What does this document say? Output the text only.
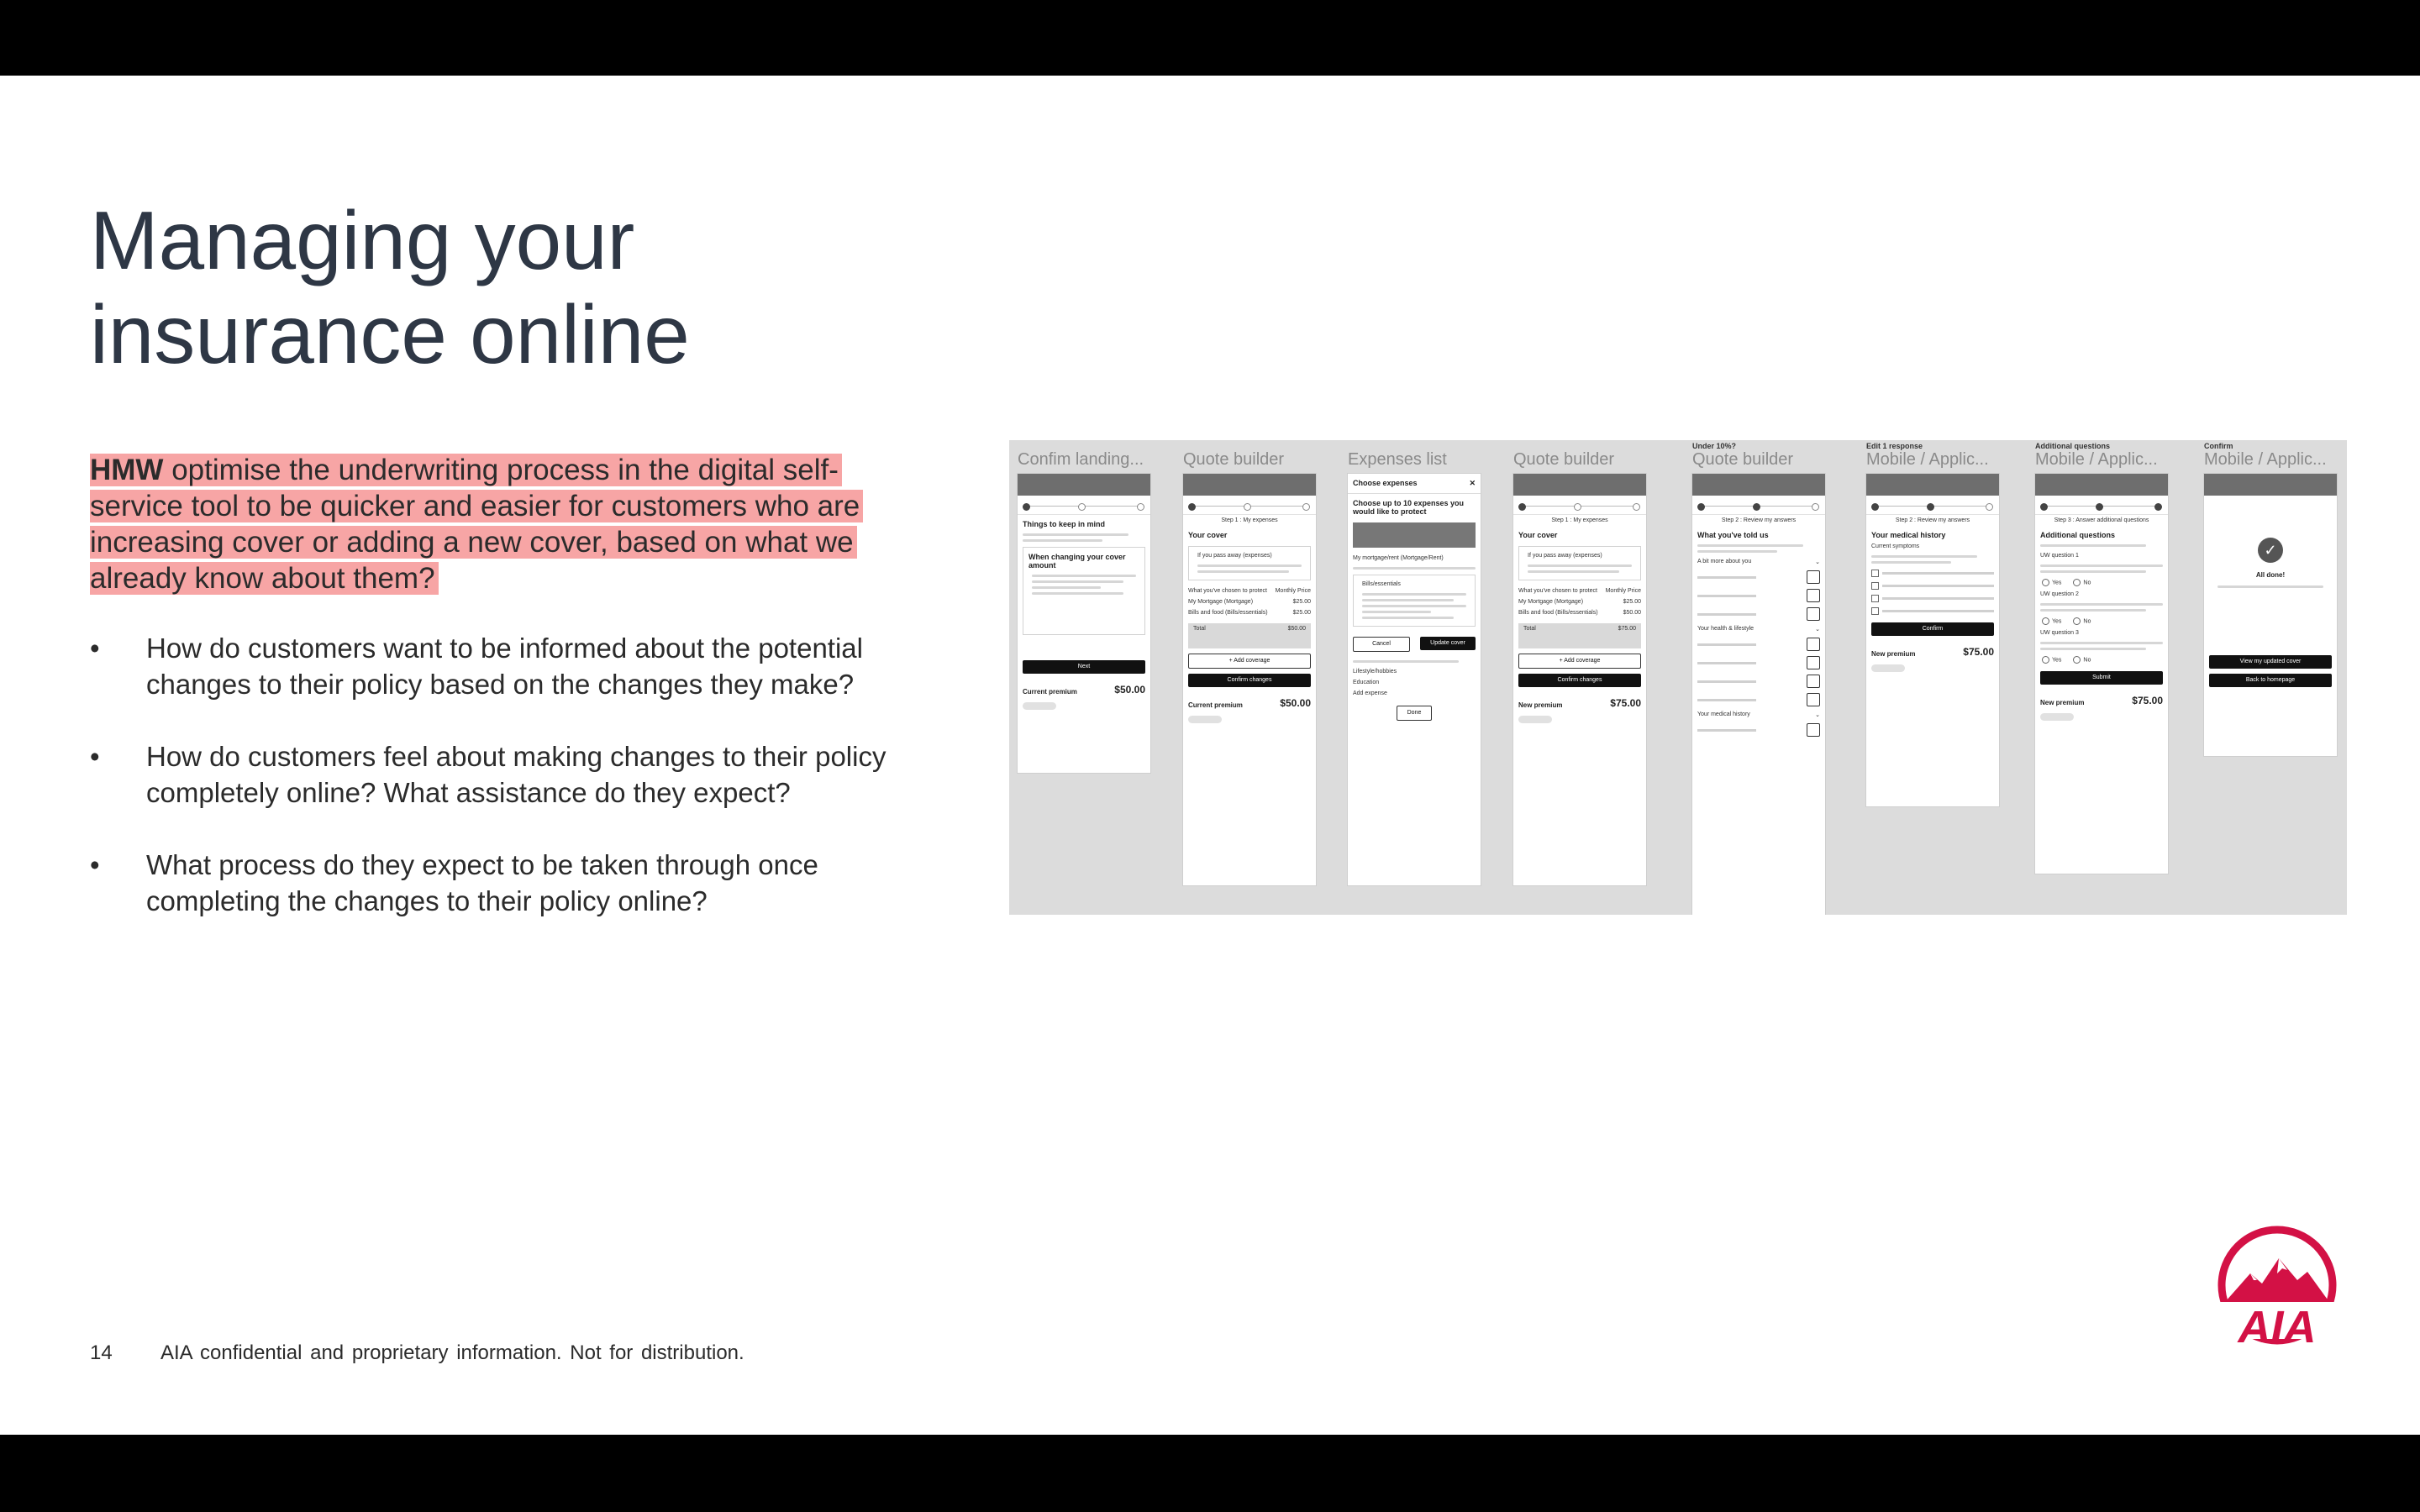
Managing your
insurance online
HMW optimise the underwriting process in the digital self-service tool to be quicker and easier for customers who are increasing cover or adding a new cover, based on what we already know about them?
• How do customers want to be informed about the potential changes to their policy based on the changes they make?
• How do customers feel about making changes to their policy completely online? What assistance do they expect?
• What process do they expect to be taken through once completing the changes to their policy online?
Confim landing...
Things to keep in mind
When changing your cover amount
Next
Current premium	$50.00
Quote builder
Step 1 : My expenses
Your cover
If you pass away (expenses)
What you've chosen to protect Monthly Price
My Mortgage (Mortgage)	$25.00
Bills and food (Bills/essentials)	$25.00
Total	$50.00
+ Add coverage
Confirm changes
Current premium	$50.00
Expenses list
Choose expenses	✕
Choose up to 10 expenses you would like to protect
My mortgage/rent (Mortgage/Rent)
Bills/essentials
Cancel	Update cover
Lifestyle/hobbies
Education
Add expense
Done
Quote builder
Step 1 : My expenses
Your cover
If you pass away (expenses)
What you've chosen to protect Monthly Price
My Mortgage (Mortgage)	$25.00
Bills and food (Bills/essentials)	$50.00
Total	$75.00
+ Add coverage
Confirm changes
New premium	$75.00
Under 10%?
Quote builder
Step 2 : Review my answers
What you've told us
A bit more about you	⌄
Your health & lifestyle	⌄
Your medical history	⌄
Edit 1 response
Mobile / Applic...
Step 2 : Review my answers
Your medical history
Current symptoms
Confirm
New premium	$75.00
Additional questions
Mobile / Applic...
Step 3 : Answer additional questions
Additional questions
UW question 1
Yes	No
UW question 2
Yes	No
UW question 3
Yes	No
Submit
New premium	$75.00
Confirm
Mobile / Applic...
✓
All done!
View my updated cover
Back to homepage
14 AIA confidential and proprietary information. Not for distribution.
AIA
